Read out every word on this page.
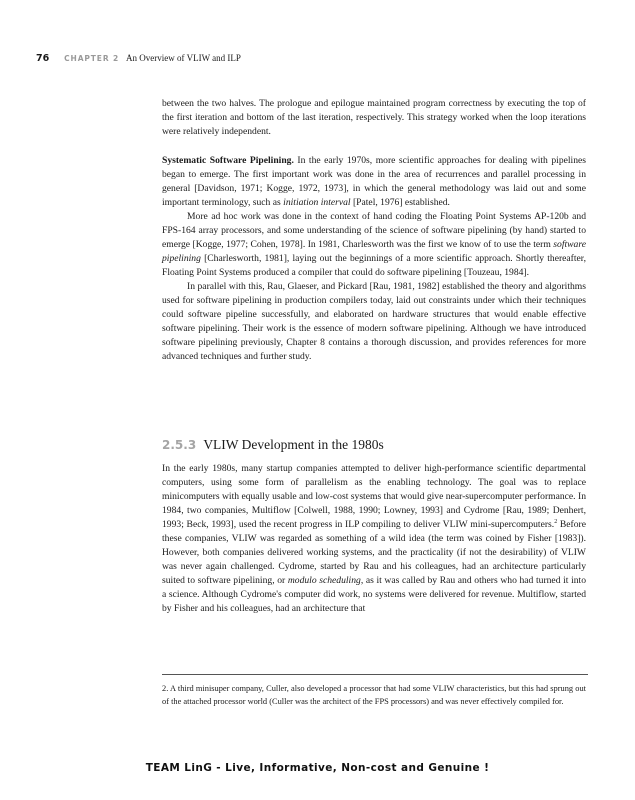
76 CHAPTER 2 An Overview of VLIW and ILP

between the two halves. The prologue and epilogue maintained program correctness by executing the top of the first iteration and bottom of the last iteration, respectively. This strategy worked when the loop iterations were relatively independent.

Systematic Software Pipelining. In the early 1970s, more scientific approaches for dealing with pipelines began to emerge. The first important work was done in the area of recurrences and parallel processing in general [Davidson, 1971; Kogge, 1972, 1973], in which the general methodology was laid out and some important terminology, such as initiation interval [Patel, 1976] established.

More ad hoc work was done in the context of hand coding the Floating Point Systems AP-120b and FPS-164 array processors, and some understanding of the science of software pipelining (by hand) started to emerge [Kogge, 1977; Cohen, 1978]. In 1981, Charlesworth was the first we know of to use the term software pipelining [Charlesworth, 1981], laying out the beginnings of a more scientific approach. Shortly thereafter, Floating Point Systems produced a compiler that could do software pipelining [Touzeau, 1984].

In parallel with this, Rau, Glaeser, and Pickard [Rau, 1981, 1982] established the theory and algorithms used for software pipelining in production compilers today, laid out constraints under which their techniques could software pipeline successfully, and elaborated on hardware structures that would enable effective software pipelining. Their work is the essence of modern software pipelining. Although we have introduced software pipelining previously, Chapter 8 contains a thorough discussion, and provides references for more advanced techniques and further study.

2.5.3 VLIW Development in the 1980s

In the early 1980s, many startup companies attempted to deliver high-performance scientific departmental computers, using some form of parallelism as the enabling technology. The goal was to replace minicomputers with equally usable and low-cost systems that would give near-supercomputer performance. In 1984, two companies, Multiflow [Colwell, 1988, 1990; Lowney, 1993] and Cydrome [Rau, 1989; Denhert, 1993; Beck, 1993], used the recent progress in ILP compiling to deliver VLIW mini-supercomputers.$^2$ Before these companies, VLIW was regarded as something of a wild idea (the term was coined by Fisher [1983]). However, both companies delivered working systems, and the practicality (if not the desirability) of VLIW was never again challenged. Cydrome, started by Rau and his colleagues, had an architecture particularly suited to software pipelining, or modulo scheduling, as it was called by Rau and others who had turned it into a science. Although Cydrome's computer did work, no systems were delivered for revenue. Multiflow, started by Fisher and his colleagues, had an architecture that

2. A third minisuper company, Culler, also developed a processor that had some VLIW characteristics, but this had sprung out of the attached processor world (Culler was the architect of the FPS processors) and was never effectively compiled for.

TEAM LinG - Live, Informative, Non-cost and Genuine !
